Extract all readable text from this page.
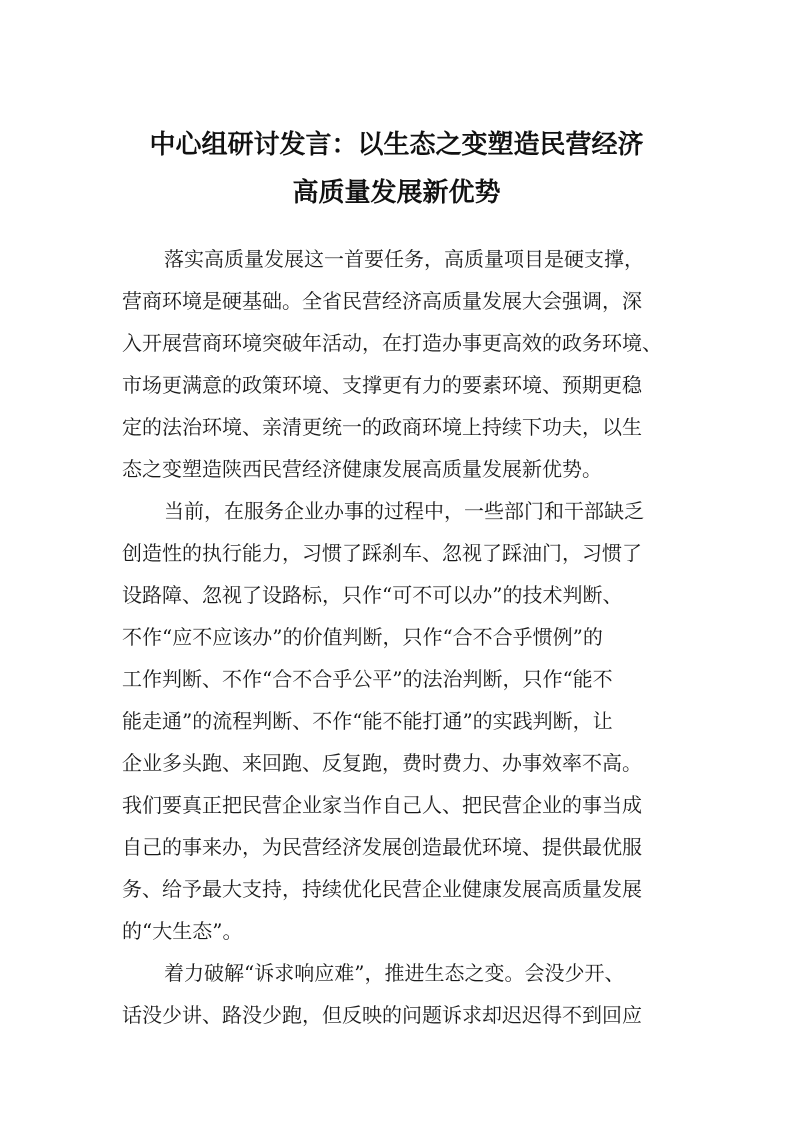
中心组研讨发言：以生态之变塑造民营经济
高质量发展新优势
落实高质量发展这一首要任务，高质量项目是硬支撑，
营商环境是硬基础。全省民营经济高质量发展大会强调，深
入开展营商环境突破年活动，在打造办事更高效的政务环境、
市场更满意的政策环境、支撑更有力的要素环境、预期更稳
定的法治环境、亲清更统一的政商环境上持续下功夫，以生
态之变塑造陕西民营经济健康发展高质量发展新优势。
当前，在服务企业办事的过程中，一些部门和干部缺乏
创造性的执行能力，习惯了踩刹车、忽视了踩油门，习惯了
设路障、忽视了设路标，只作“可不可以办”的技术判断、
不作“应不应该办”的价值判断，只作“合不合乎惯例”的
工作判断、不作“合不合乎公平”的法治判断，只作“能不
能走通”的流程判断、不作“能不能打通”的实践判断，让
企业多头跑、来回跑、反复跑，费时费力、办事效率不高。
我们要真正把民营企业家当作自己人、把民营企业的事当成
自己的事来办，为民营经济发展创造最优环境、提供最优服
务、给予最大支持，持续优化民营企业健康发展高质量发展
的“大生态”。
着力破解“诉求响应难”，推进生态之变。会没少开、
话没少讲、路没少跑，但反映的问题诉求却迟迟得不到回应
